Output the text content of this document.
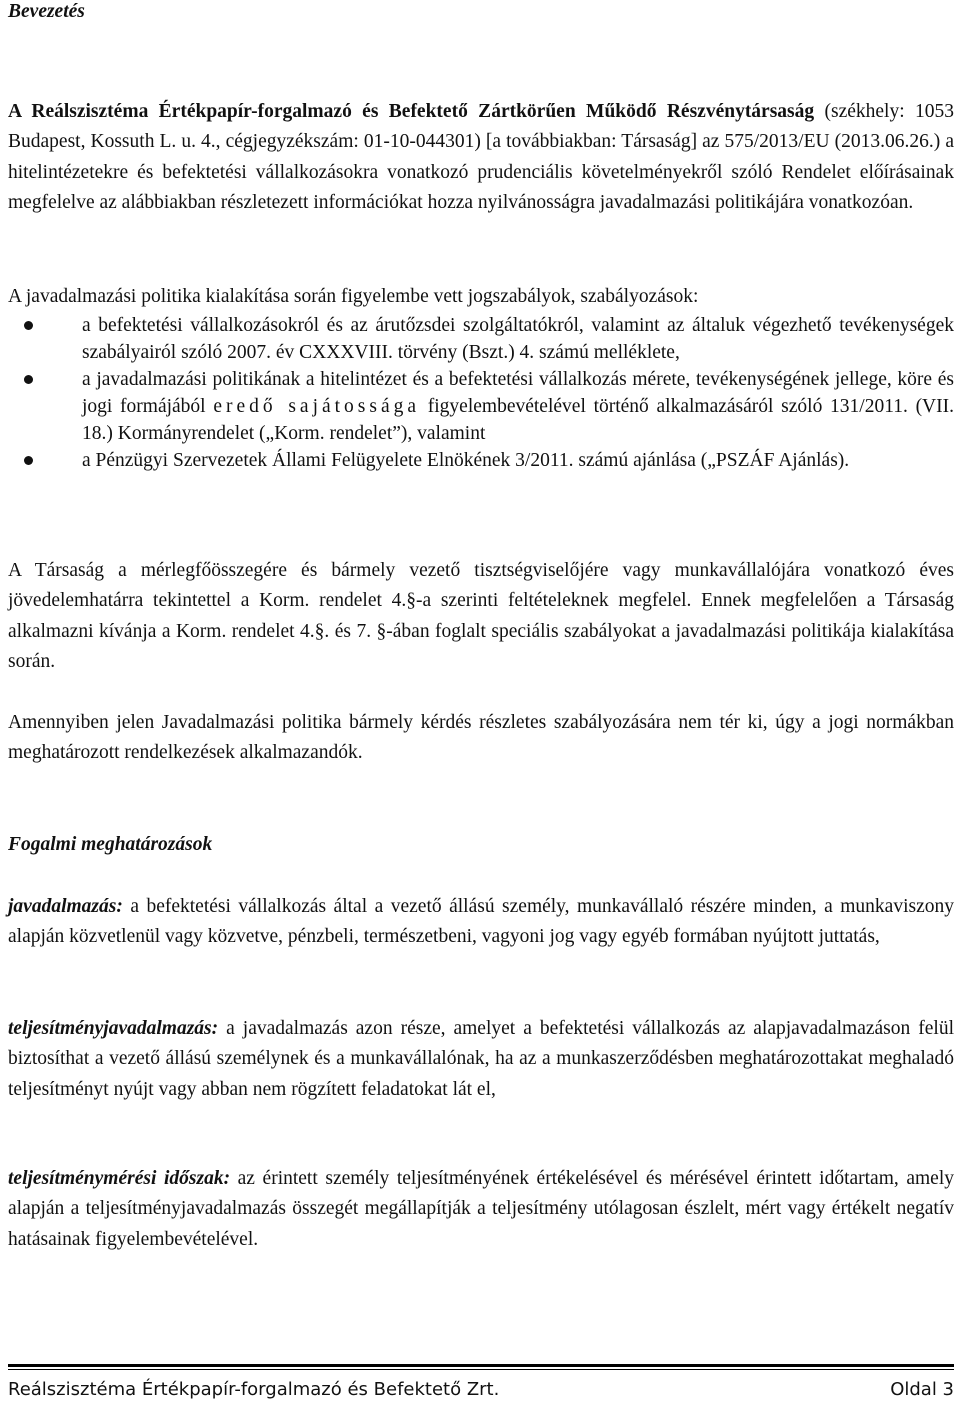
Bevezetés

A Reálszisztéma Értékpapír-forgalmazó és Befektető Zártkörűen Működő Részvénytársaság (székhely: 1053 Budapest, Kossuth L. u. 4., cégjegyzékszám: 01-10-044301) [a továbbiakban: Társaság] az 575/2013/EU (2013.06.26.) a hitelintézetekre és befektetési vállalkozásokra vonatkozó prudenciális követelményekről szóló Rendelet előírásainak megfelelve az alábbiakban részletezett információkat hozza nyilvánosságra javadalmazási politikájára vonatkozóan.

A javadalmazási politika kialakítása során figyelembe vett jogszabályok, szabályozások:

a befektetési vállalkozásokról és az árutőzsdei szolgáltatókról, valamint az általuk végezhető tevékenységek szabályairól szóló 2007. év CXXXVIII. törvény (Bszt.) 4. számú melléklete,
a javadalmazási politikának a hitelintézet és a befektetési vállalkozás mérete, tevékenységének jellege, köre és jogi formájából eredő sajátossága figyelembevételével történő alkalmazásáról szóló 131/2011. (VII. 18.) Kormányrendelet („Korm. rendelet”), valamint
a Pénzügyi Szervezetek Állami Felügyelete Elnökének 3/2011. számú ajánlása („PSZÁF Ajánlás).

A Társaság a mérlegfőösszegére és bármely vezető tisztségviselőjére vagy munkavállalójára vonatkozó éves jövedelemhatárra tekintettel a Korm. rendelet 4.§-a szerinti feltételeknek megfelel. Ennek megfelelően a Társaság alkalmazni kívánja a Korm. rendelet 4.§. és 7. §-ában foglalt speciális szabályokat a javadalmazási politikája kialakítása során.

Amennyiben jelen Javadalmazási politika bármely kérdés részletes szabályozására nem tér ki, úgy a jogi normákban meghatározott rendelkezések alkalmazandók.

Fogalmi meghatározások

javadalmazás: a befektetési vállalkozás által a vezető állású személy, munkavállaló részére minden, a munkaviszony alapján közvetlenül vagy közvetve, pénzbeli, természetbeni, vagyoni jog vagy egyéb formában nyújtott juttatás,

teljesítményjavadalmazás: a javadalmazás azon része, amelyet a befektetési vállalkozás az alapjavadalmazáson felül biztosíthat a vezető állású személynek és a munkavállalónak, ha az a munkaszerződésben meghatározottakat meghaladó teljesítményt nyújt vagy abban nem rögzített feladatokat lát el,

teljesítménymérési időszak: az érintett személy teljesítményének értékelésével és mérésével érintett időtartam, amely alapján a teljesítményjavadalmazás összegét megállapítják a teljesítmény utólagosan észlelt, mért vagy értékelt negatív hatásainak figyelembevételével.

Reálszisztéma Értékpapír-forgalmazó és Befektető Zrt.	Oldal 3
